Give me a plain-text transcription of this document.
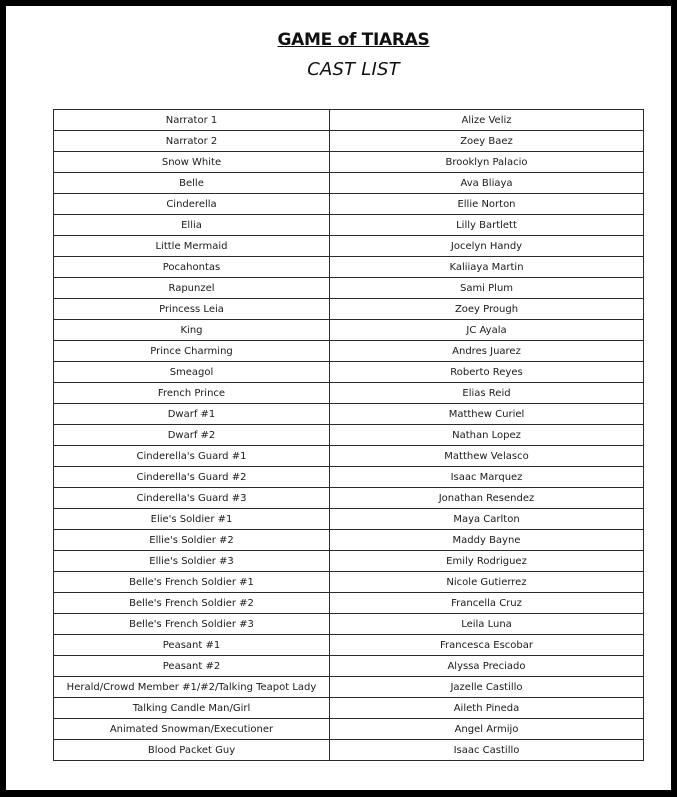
GAME of TIARAS
CAST LIST
Narrator 1	Alize Veliz
Narrator 2	Zoey Baez
Snow White	Brooklyn Palacio
Belle	Ava Bliaya
Cinderella	Ellie Norton
Ellia	Lilly Bartlett
Little Mermaid	Jocelyn Handy
Pocahontas	Kaliiaya Martin
Rapunzel	Sami Plum
Princess Leia	Zoey Prough
King	JC Ayala
Prince Charming	Andres Juarez
Smeagol	Roberto Reyes
French Prince	Elias Reid
Dwarf #1	Matthew Curiel
Dwarf #2	Nathan Lopez
Cinderella's Guard #1	Matthew Velasco
Cinderella's Guard #2	Isaac Marquez
Cinderella's Guard #3	Jonathan Resendez
Elie's Soldier #1	Maya Carlton
Ellie's Soldier #2	Maddy Bayne
Ellie's Soldier #3	Emily Rodriguez
Belle's French Soldier #1	Nicole Gutierrez
Belle's French Soldier #2	Francella Cruz
Belle's French Soldier #3	Leila Luna
Peasant #1	Francesca Escobar
Peasant #2	Alyssa Preciado
Herald/Crowd Member #1/#2/Talking Teapot Lady	Jazelle Castillo
Talking Candle Man/Girl	Aileth Pineda
Animated Snowman/Executioner	Angel Armijo
Blood Packet Guy	Isaac Castillo
